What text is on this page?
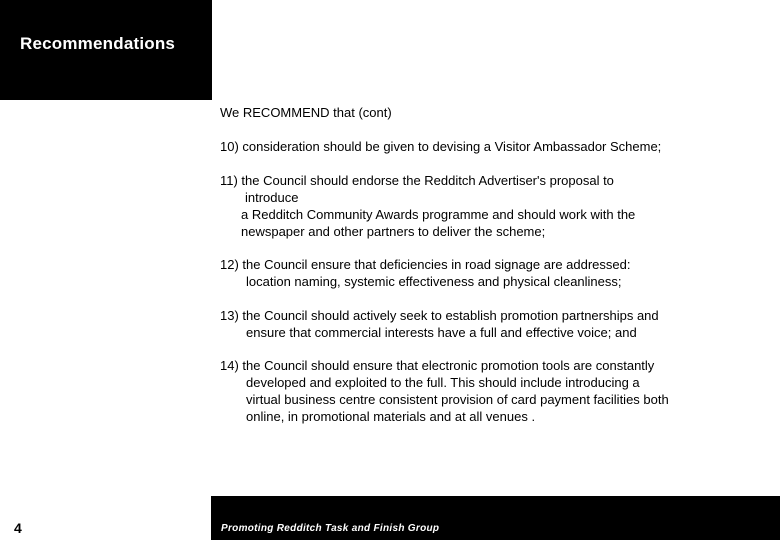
Recommendations
We RECOMMEND that (cont)
10) consideration should be given to devising a Visitor Ambassador Scheme;
11) the Council should endorse the Redditch Advertiser's proposal to
introduce
a Redditch Community Awards programme and should work with the
newspaper and other partners to deliver the scheme;
12) the Council ensure that deficiencies in road signage are addressed:
location naming, systemic effectiveness and physical cleanliness;
13) the Council should actively seek to establish promotion partnerships and
ensure that commercial interests have a full and effective voice; and
14) the Council should ensure that electronic promotion tools are constantly
developed and exploited to the full. This should include introducing a
virtual business centre consistent provision of card payment facilities both
online, in promotional materials and at all venues .
4	Promoting Redditch Task and Finish Group
